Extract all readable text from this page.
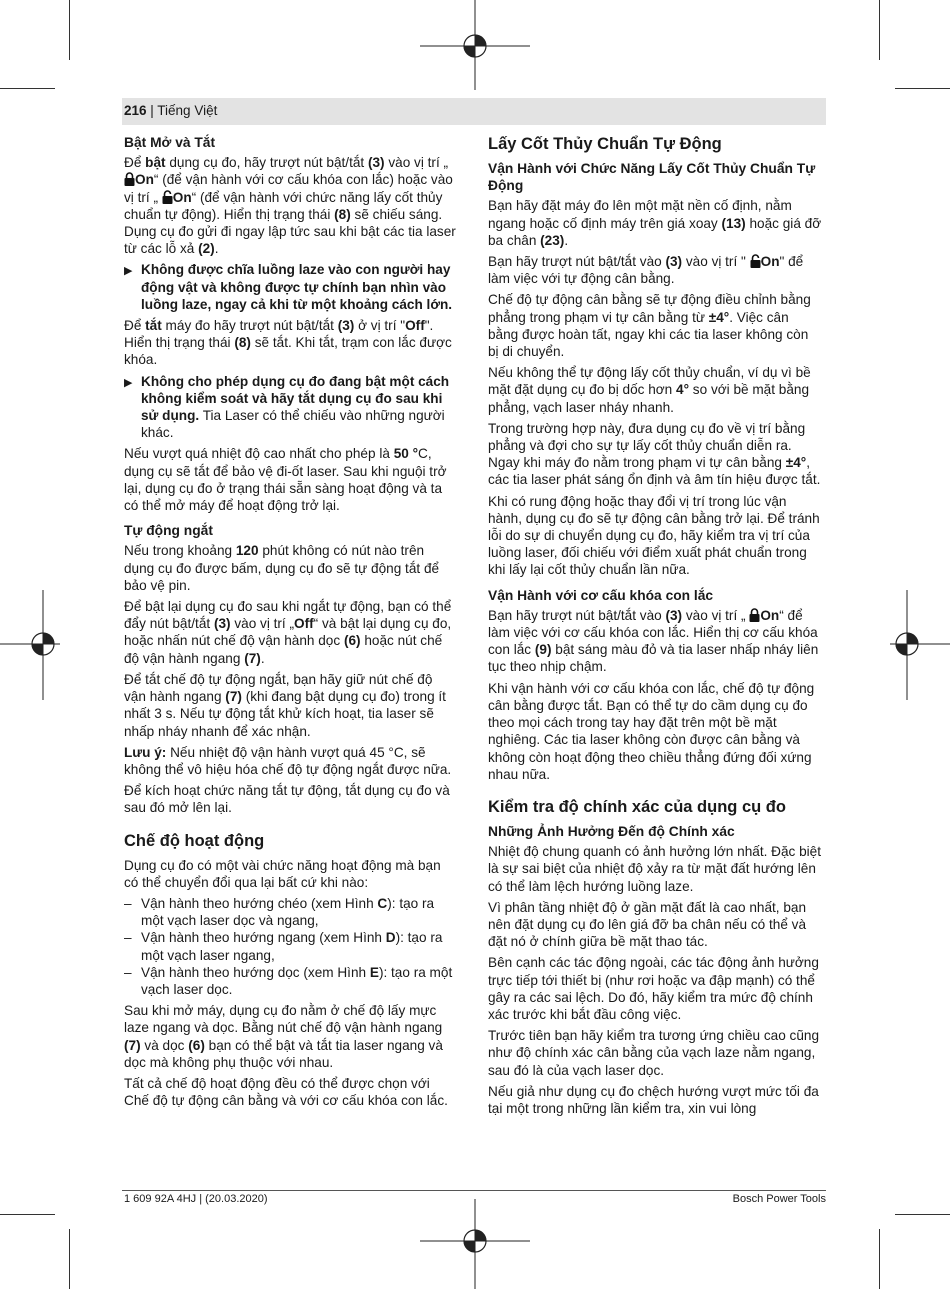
216 | Tiếng Việt
Bật Mở và Tắt

Để bật dụng cụ đo, hãy trượt nút bật/tắt (3) vào vị trí „ On“ (để vận hành với cơ cấu khóa con lắc) hoặc vào vị trí „ On“ (để vận hành với chức năng lấy cốt thủy chuẩn tự động). Hiển thị trạng thái (8) sẽ chiếu sáng. Dụng cụ đo gửi đi ngay lập tức sau khi bật các tia laser từ các lỗ xả (2).

▶ Không được chĩa luồng laze vào con người hay động vật và không được tự chính bạn nhìn vào luồng laze, ngay cả khi từ một khoảng cách lớn.

Để tắt máy đo hãy trượt nút bật/tắt (3) ở vị trí "Off". Hiển thị trạng thái (8) sẽ tắt. Khi tắt, trạm con lắc được khóa.

▶ Không cho phép dụng cụ đo đang bật một cách không kiểm soát và hãy tắt dụng cụ đo sau khi sử dụng. Tia Laser có thể chiếu vào những người khác.

Nếu vượt quá nhiệt độ cao nhất cho phép là 50 °C, dụng cụ sẽ tắt để bảo vệ đi-ốt laser. Sau khi nguội trở lại, dụng cụ đo ở trạng thái sẵn sàng hoạt động và ta có thể mở máy để hoạt động trở lại.

Tự động ngắt

Nếu trong khoảng 120 phút không có nút nào trên dụng cụ đo được bấm, dụng cụ đo sẽ tự động tắt để bảo vệ pin.

Để bật lại dụng cụ đo sau khi ngắt tự động, bạn có thể đẩy nút bật/tắt (3) vào vị trí „Off“ và bật lại dụng cụ đo, hoặc nhấn nút chế độ vận hành dọc (6) hoặc nút chế độ vận hành ngang (7).

Để tắt chế độ tự động ngắt, bạn hãy giữ nút chế độ vận hành ngang (7) (khi đang bật dụng cụ đo) trong ít nhất 3 s. Nếu tự động tắt khử kích hoạt, tia laser sẽ nhấp nháy nhanh để xác nhận.

Lưu ý: Nếu nhiệt độ vận hành vượt quá 45 °C, sẽ không thể vô hiệu hóa chế độ tự động ngắt được nữa.

Để kích hoạt chức năng tắt tự động, tắt dụng cụ đo và sau đó mở lên lại.

Chế độ hoạt động

Dụng cụ đo có một vài chức năng hoạt động mà bạn có thể chuyển đổi qua lại bất cứ khi nào:

– Vận hành theo hướng chéo (xem Hình C): tạo ra một vạch laser dọc và ngang,
– Vận hành theo hướng ngang (xem Hình D): tạo ra một vạch laser ngang,
– Vận hành theo hướng dọc (xem Hình E): tạo ra một vạch laser dọc.

Sau khi mở máy, dụng cụ đo nằm ở chế độ lấy mực laze ngang và dọc. Bằng nút chế độ vận hành ngang (7) và dọc (6) bạn có thể bật và tắt tia laser ngang và dọc mà không phụ thuộc với nhau.

Tất cả chế độ hoạt động đều có thể được chọn với Chế độ tự động cân bằng và với cơ cấu khóa con lắc.

Lấy Cốt Thủy Chuẩn Tự Động
Vận Hành với Chức Năng Lấy Cốt Thủy Chuẩn Tự Động

Bạn hãy đặt máy đo lên một mặt nền cố định, nằm ngang hoặc cố định máy trên giá xoay (13) hoặc giá đỡ ba chân (23).

Bạn hãy trượt nút bật/tắt vào (3) vào vị trí " On" để làm việc với tự động cân bằng.

Chế độ tự động cân bằng sẽ tự động điều chỉnh bằng phẳng trong phạm vi tự cân bằng từ ±4°. Việc cân bằng được hoàn tất, ngay khi các tia laser không còn bị di chuyển.

Nếu không thể tự động lấy cốt thủy chuẩn, ví dụ vì bề mặt đặt dụng cụ đo bị dốc hơn 4° so với bề mặt bằng phẳng, vạch laser nháy nhanh.

Trong trường hợp này, đưa dụng cụ đo về vị trí bằng phẳng và đợi cho sự tự lấy cốt thủy chuẩn diễn ra. Ngay khi máy đo nằm trong phạm vi tự cân bằng ±4°, các tia laser phát sáng ổn định và âm tín hiệu được tắt.

Khi có rung động hoặc thay đổi vị trí trong lúc vận hành, dụng cụ đo sẽ tự động cân bằng trở lại. Để tránh lỗi do sự di chuyển dụng cụ đo, hãy kiểm tra vị trí của luồng laser, đối chiếu với điểm xuất phát chuẩn trong khi lấy lại cốt thủy chuẩn lần nữa.

Vận Hành với cơ cấu khóa con lắc

Bạn hãy trượt nút bật/tắt vào (3) vào vị trí „ On“ để làm việc với cơ cấu khóa con lắc. Hiển thị cơ cấu khóa con lắc (9) bật sáng màu đỏ và tia laser nhấp nháy liên tục theo nhịp chậm.

Khi vận hành với cơ cấu khóa con lắc, chế độ tự động cân bằng được tắt. Bạn có thể tự do cầm dụng cụ đo theo mọi cách trong tay hay đặt trên một bề mặt nghiêng. Các tia laser không còn được cân bằng và không còn hoạt động theo chiều thẳng đứng đối xứng nhau nữa.

Kiểm tra độ chính xác của dụng cụ đo
Những Ảnh Hưởng Đến độ Chính xác

Nhiệt độ chung quanh có ảnh hưởng lớn nhất. Đặc biệt là sự sai biệt của nhiệt độ xảy ra từ mặt đất hướng lên có thể làm lệch hướng luồng laze.

Vì phân tầng nhiệt độ ở gần mặt đất là cao nhất, bạn nên đặt dụng cụ đo lên giá đỡ ba chân nếu có thể và đặt nó ở chính giữa bề mặt thao tác.

Bên cạnh các tác động ngoài, các tác động ảnh hưởng trực tiếp tới thiết bị (như rơi hoặc va đập mạnh) có thể gây ra các sai lệch. Do đó, hãy kiểm tra mức độ chính xác trước khi bắt đầu công việc.

Trước tiên bạn hãy kiểm tra tương ứng chiều cao cũng như độ chính xác cân bằng của vạch laze nằm ngang, sau đó là của vạch laser dọc.

Nếu giả như dụng cụ đo chệch hướng vượt mức tối đa tại một trong những lần kiểm tra, xin vui lòng

1 609 92A 4HJ | (20.03.2020)	Bosch Power Tools
